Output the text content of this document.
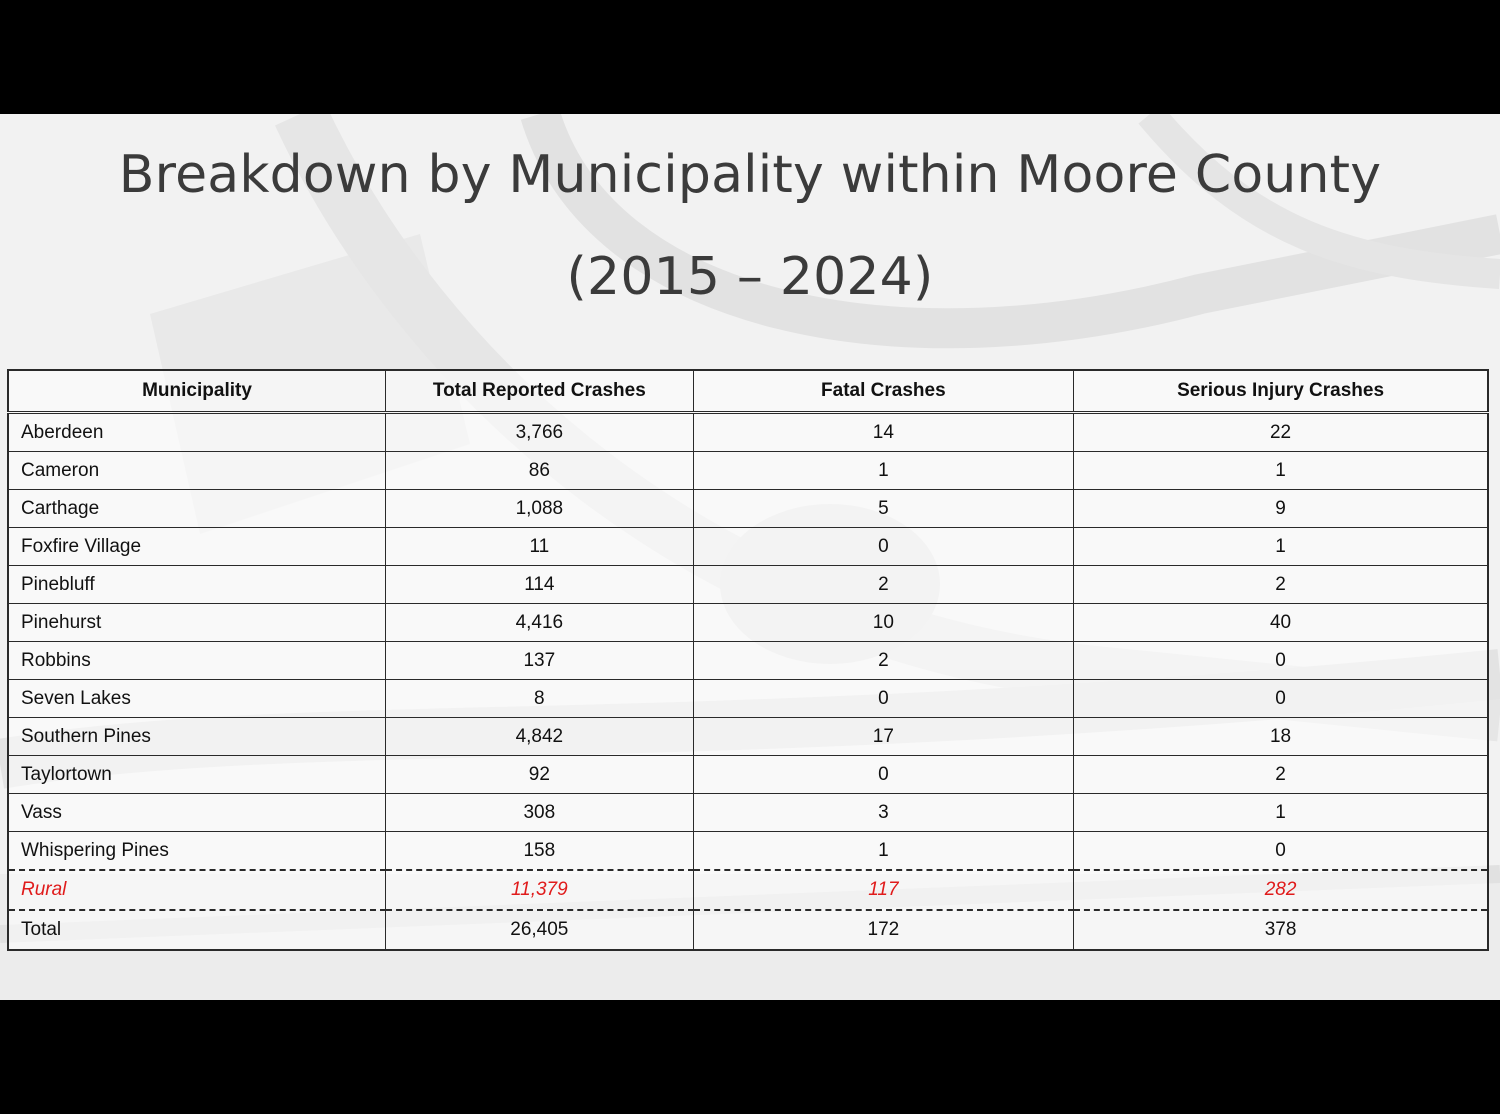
Breakdown by Municipality within Moore County
(2015 – 2024)
Municipality	Total Reported Crashes	Fatal Crashes	Serious Injury Crashes
Aberdeen	3,766	14	22
Cameron	86	1	1
Carthage	1,088	5	9
Foxfire Village	11	0	1
Pinebluff	114	2	2
Pinehurst	4,416	10	40
Robbins	137	2	0
Seven Lakes	8	0	0
Southern Pines	4,842	17	18
Taylortown	92	0	2
Vass	308	3	1
Whispering Pines	158	1	0
Rural	11,379	117	282
Total	26,405	172	378
